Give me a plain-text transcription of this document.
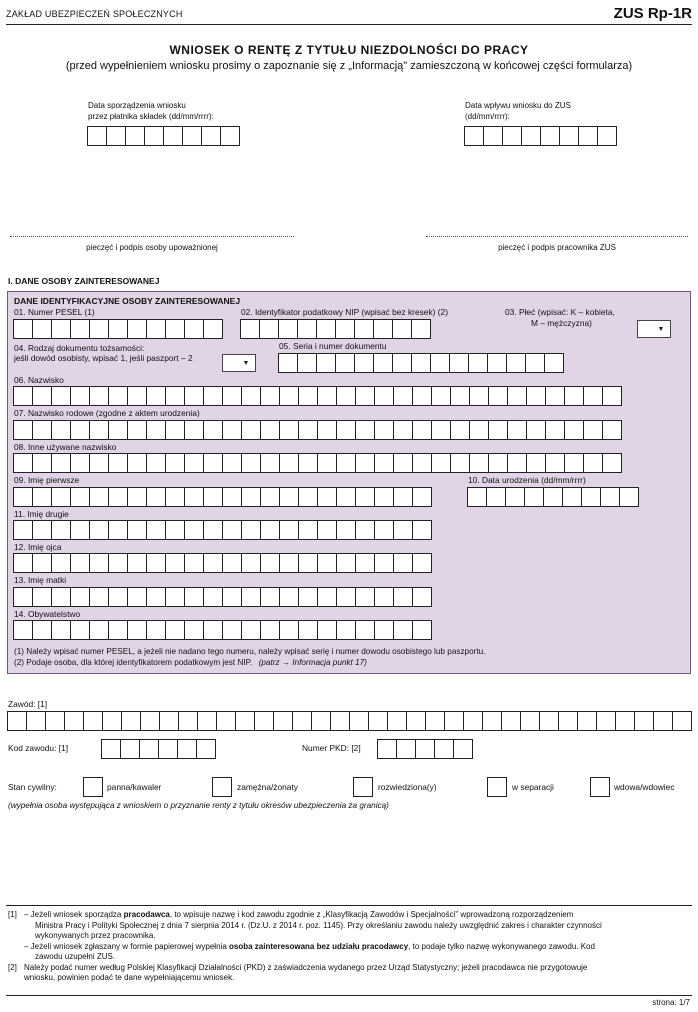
ZAKŁAD UBEZPIECZEŃ SPOŁECZNYCH	ZUS Rp-1R
WNIOSEK O RENTĘ Z TYTUŁU NIEZDOLNOŚCI DO PRACY
(przed wypełnieniem wniosku prosimy o zapoznanie się z „Informacją" zamieszczoną w końcowej części formularza)
Data sporządzenia wniosku
przez płatnika składek (dd/mm/rrrr):
Data wpływu wniosku do ZUS
(dd/mm/rrrr):
pieczęć i podpis osoby upoważnionej	pieczęć i podpis pracownika ZUS
I. DANE OSOBY ZAINTERESOWANEJ
DANE IDENTYFIKACYJNE OSOBY ZAINTERESOWANEJ
01. Numer PESEL (1)	02. Identyfikator podatkowy NIP (wpisać bez kresek) (2)	03. Płeć (wpisać: K – kobieta,
M – mężczyzna)
▼
04. Rodzaj dokumentu tożsamości:
jeśli dowód osobisty, wpisać 1, jeśli paszport – 2	▼
05. Seria i numer dokumentu
06. Nazwisko
07. Nazwisko rodowe (zgodne z aktem urodzenia)
08. Inne używane nazwisko
09. Imię pierwsze	10. Data urodzenia (dd/mm/rrrr)
11. Imię drugie
12. Imię ojca
13. Imię matki
14. Obywatelstwo
(1) Należy wpisać numer PESEL, a jeżeli nie nadano tego numeru, należy wpisać serię i numer dowodu osobistego lub paszportu.
(2) Podaje osoba, dla której identyfikatorem podatkowym jest NIP. (patrz → Informacja punkt 17)
Zawód: [1]
Kod zawodu: [1]	Numer PKD: [2]
Stan cywilny:	panna/kawaler	zamężna/żonaty	rozwiedziona(y)	w separacji	wdowa/wdowiec
(wypełnia osoba występująca z wnioskiem o przyznanie renty z tytułu okresów ubezpieczenia za granicą)
[1] – Jeżeli wniosek sporządza pracodawca, to wpisuje nazwę i kod zawodu zgodnie z „Klasyfikacją Zawodów i Specjalności" wprowadzoną rozporządzeniem
Ministra Pracy i Polityki Społecznej z dnia 7 sierpnia 2014 r. (Dz.U. z 2014 r. poz. 1145). Przy określaniu zawodu należy uwzględnić zakres i charakter czynności
wykonywanych przez pracownika.
– Jeżeli wniosek zgłaszany w formie papierowej wypełnia osoba zainteresowana bez udziału pracodawcy, to podaje tylko nazwę wykonywanego zawodu. Kod
zawodu uzupełni ZUS.
[2] Należy podać numer według Polskiej Klasyfikacji Działalności (PKD) z zaświadczenia wydanego przez Urząd Statystyczny; jeżeli pracodawca nie przygotowuje
wniosku, powinien podać te dane wypełniającemu wniosek.
strona: 1/7
